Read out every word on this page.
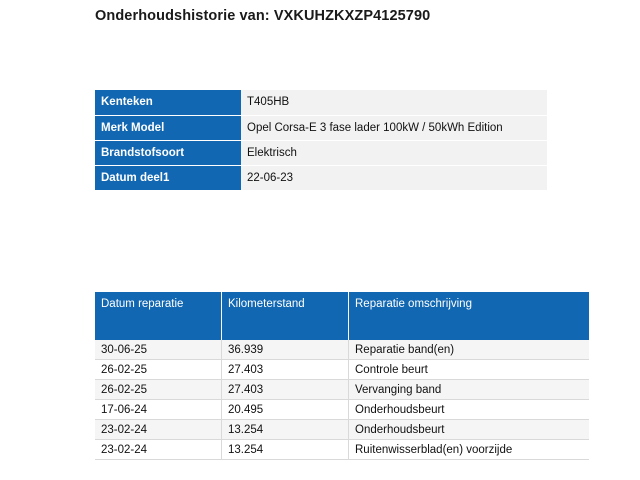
Onderhoudshistorie van: VXKUHZKXZP4125790
Kenteken	T405HB
Merk Model	Opel Corsa-E 3 fase lader 100kW / 50kWh Edition
Brandstofsoort	Elektrisch
Datum deel1	22-06-23
Datum reparatie	Kilometerstand	Reparatie omschrijving
30-06-25	36.939	Reparatie band(en)
26-02-25	27.403	Controle beurt
26-02-25	27.403	Vervanging band
17-06-24	20.495	Onderhoudsbeurt
23-02-24	13.254	Onderhoudsbeurt
23-02-24	13.254	Ruitenwisserblad(en) voorzijde
